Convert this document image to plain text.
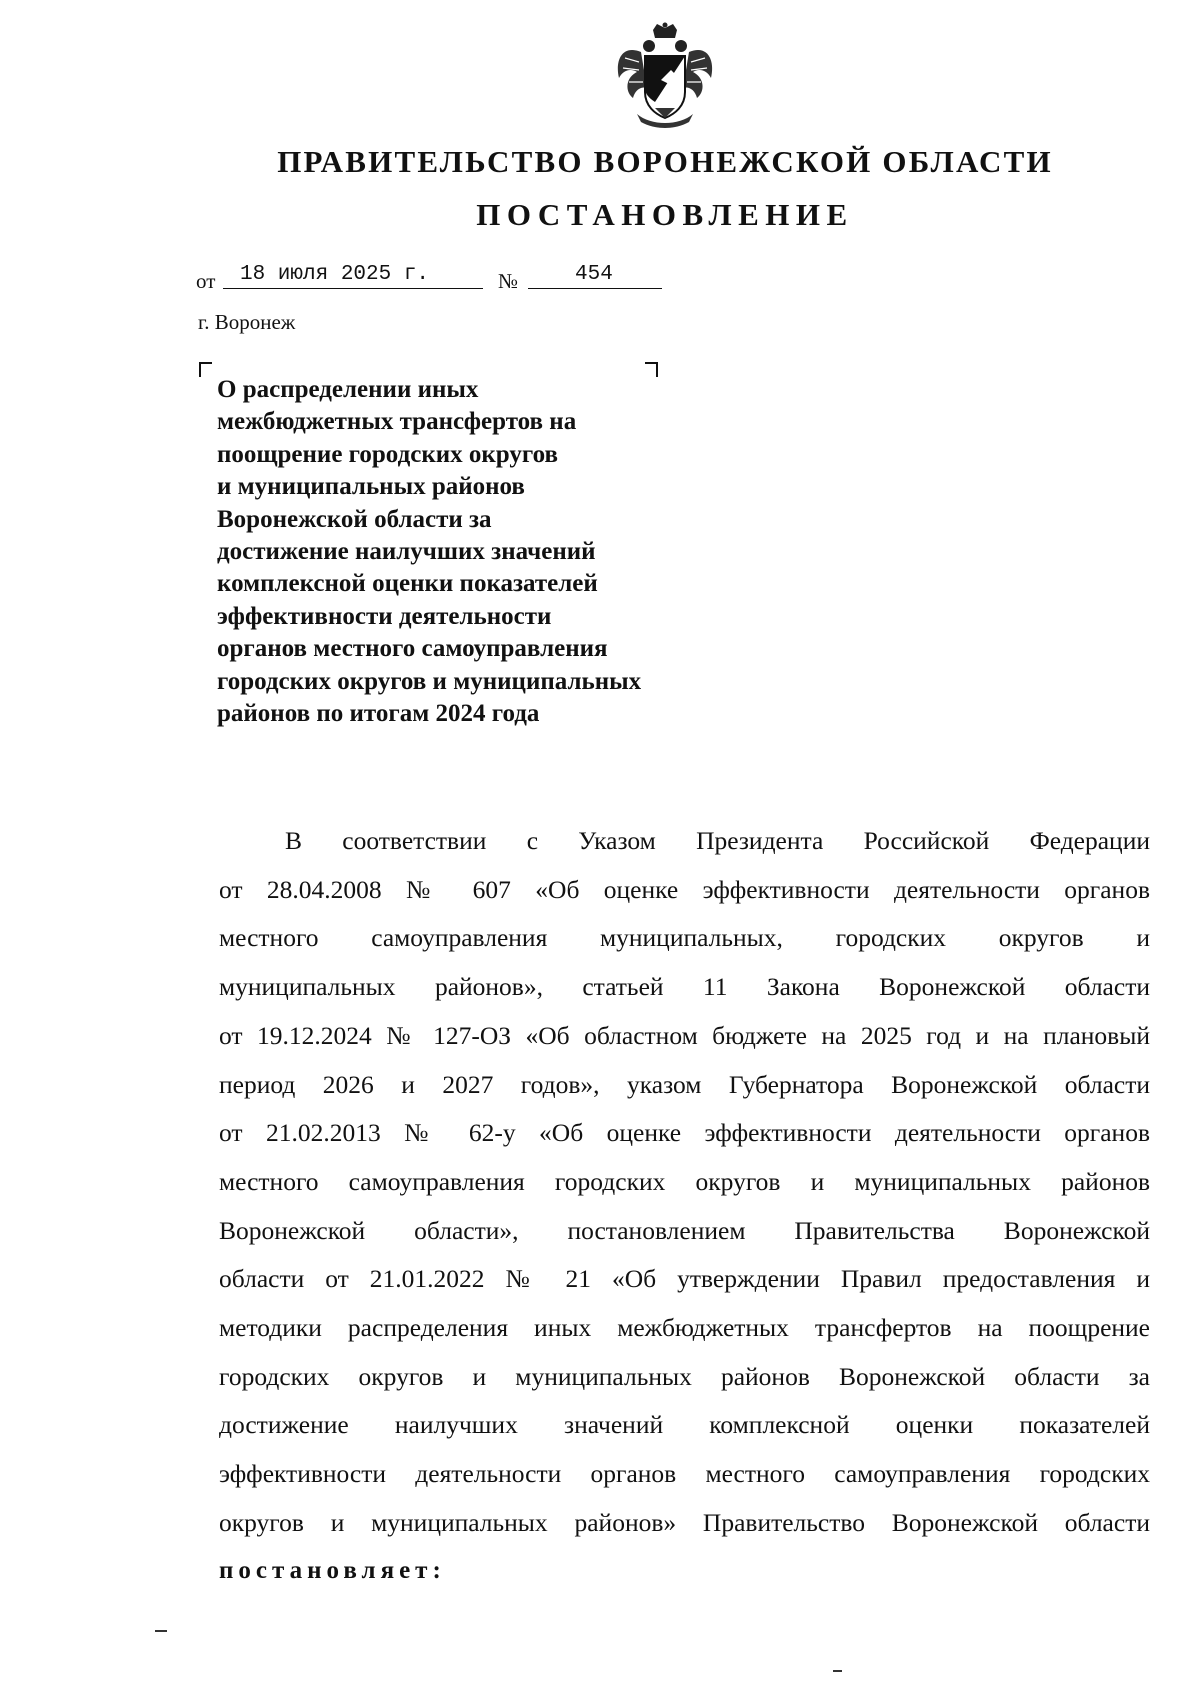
ПРАВИТЕЛЬСТВО ВОРОНЕЖСКОЙ ОБЛАСТИ
ПОСТАНОВЛЕНИЕ
от	18 июля 2025 г.	№	454
г. Воронеж

О распределении иных
межбюджетных трансфертов на
поощрение городских округов
и муниципальных районов
Воронежской области за
достижение наилучших значений
комплексной оценки показателей
эффективности деятельности
органов местного самоуправления
городских округов и муниципальных
районов по итогам 2024 года

В соответствии с Указом Президента Российской Федерации
от 28.04.2008 № 607 «Об оценке эффективности деятельности органов
местного самоуправления муниципальных, городских округов и
муниципальных районов», статьей 11 Закона Воронежской области
от 19.12.2024 № 127-ОЗ «Об областном бюджете на 2025 год и на плановый
период 2026 и 2027 годов», указом Губернатора Воронежской области
от 21.02.2013 № 62-у «Об оценке эффективности деятельности органов
местного самоуправления городских округов и муниципальных районов
Воронежской области», постановлением Правительства Воронежской
области от 21.01.2022 № 21 «Об утверждении Правил предоставления и
методики распределения иных межбюджетных трансфертов на поощрение
городских округов и муниципальных районов Воронежской области за
достижение наилучших значений комплексной оценки показателей
эффективности деятельности органов местного самоуправления городских
округов и муниципальных районов» Правительство Воронежской области

постановляет:
